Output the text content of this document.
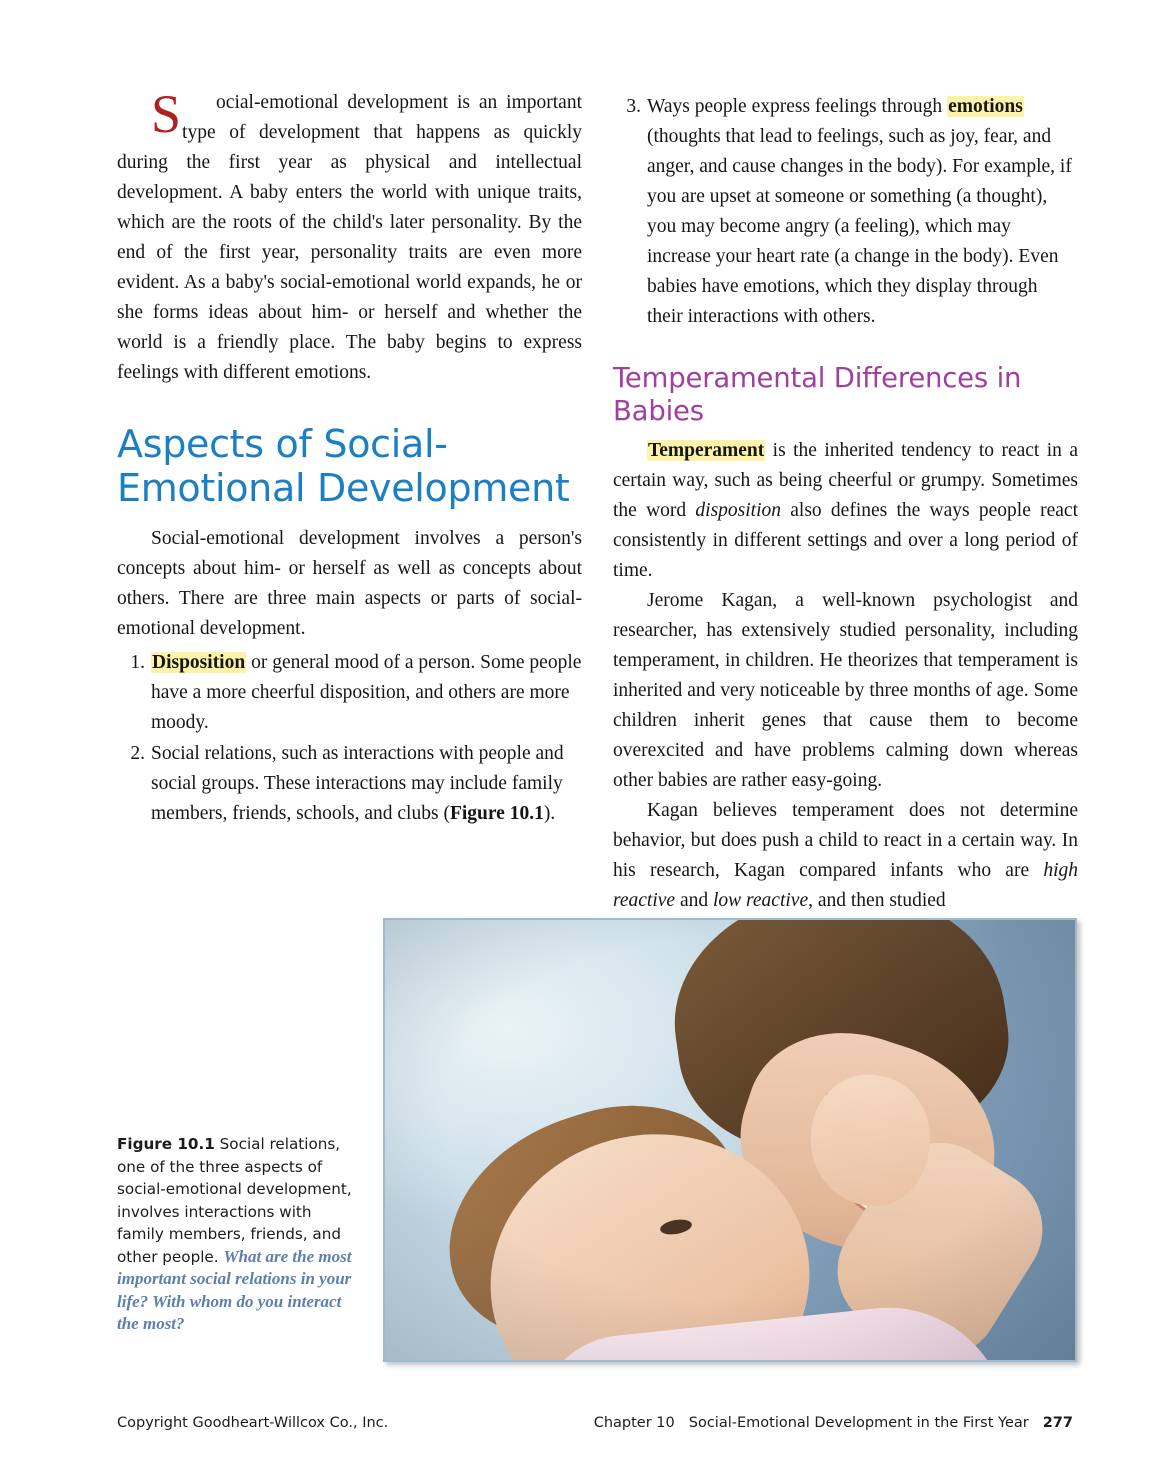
S ocial-emotional development is an important type of development that happens as quickly during the first year as physical and intellectual development. A baby enters the world with unique traits, which are the roots of the child's later personality. By the end of the first year, personality traits are even more evident. As a baby's social-emotional world expands, he or she forms ideas about him- or herself and whether the world is a friendly place. The baby begins to express feelings with different emotions.

Aspects of Social-Emotional Development

Social-emotional development involves a person's concepts about him- or herself as well as concepts about others. There are three main aspects or parts of social-emotional development.

1. Disposition or general mood of a person. Some people have a more cheerful disposition, and others are more moody.
2. Social relations, such as interactions with people and social groups. These interactions may include family members, friends, schools, and clubs (Figure 10.1).
3. Ways people express feelings through emotions (thoughts that lead to feelings, such as joy, fear, and anger, and cause changes in the body). For example, if you are upset at someone or something (a thought), you may become angry (a feeling), which may increase your heart rate (a change in the body). Even babies have emotions, which they display through their interactions with others.
Temperamental Differences in Babies

Temperament is the inherited tendency to react in a certain way, such as being cheerful or grumpy. Sometimes the word disposition also defines the ways people react consistently in different settings and over a long period of time.

Jerome Kagan, a well-known psychologist and researcher, has extensively studied personality, including temperament, in children. He theorizes that temperament is inherited and very noticeable by three months of age. Some children inherit genes that cause them to become overexcited and have problems calming down whereas other babies are rather easy-going.

Kagan believes temperament does not determine behavior, but does push a child to react in a certain way. In his research, Kagan compared infants who are high reactive and low reactive, and then studied

Figure 10.1 Social relations, one of the three aspects of social-emotional development, involves interactions with family members, friends, and other people. What are the most important social relations in your life? With whom do you interact the most?
Copyright Goodheart-Willcox Co., Inc.	Chapter 10 Social-Emotional Development in the First Year 277
